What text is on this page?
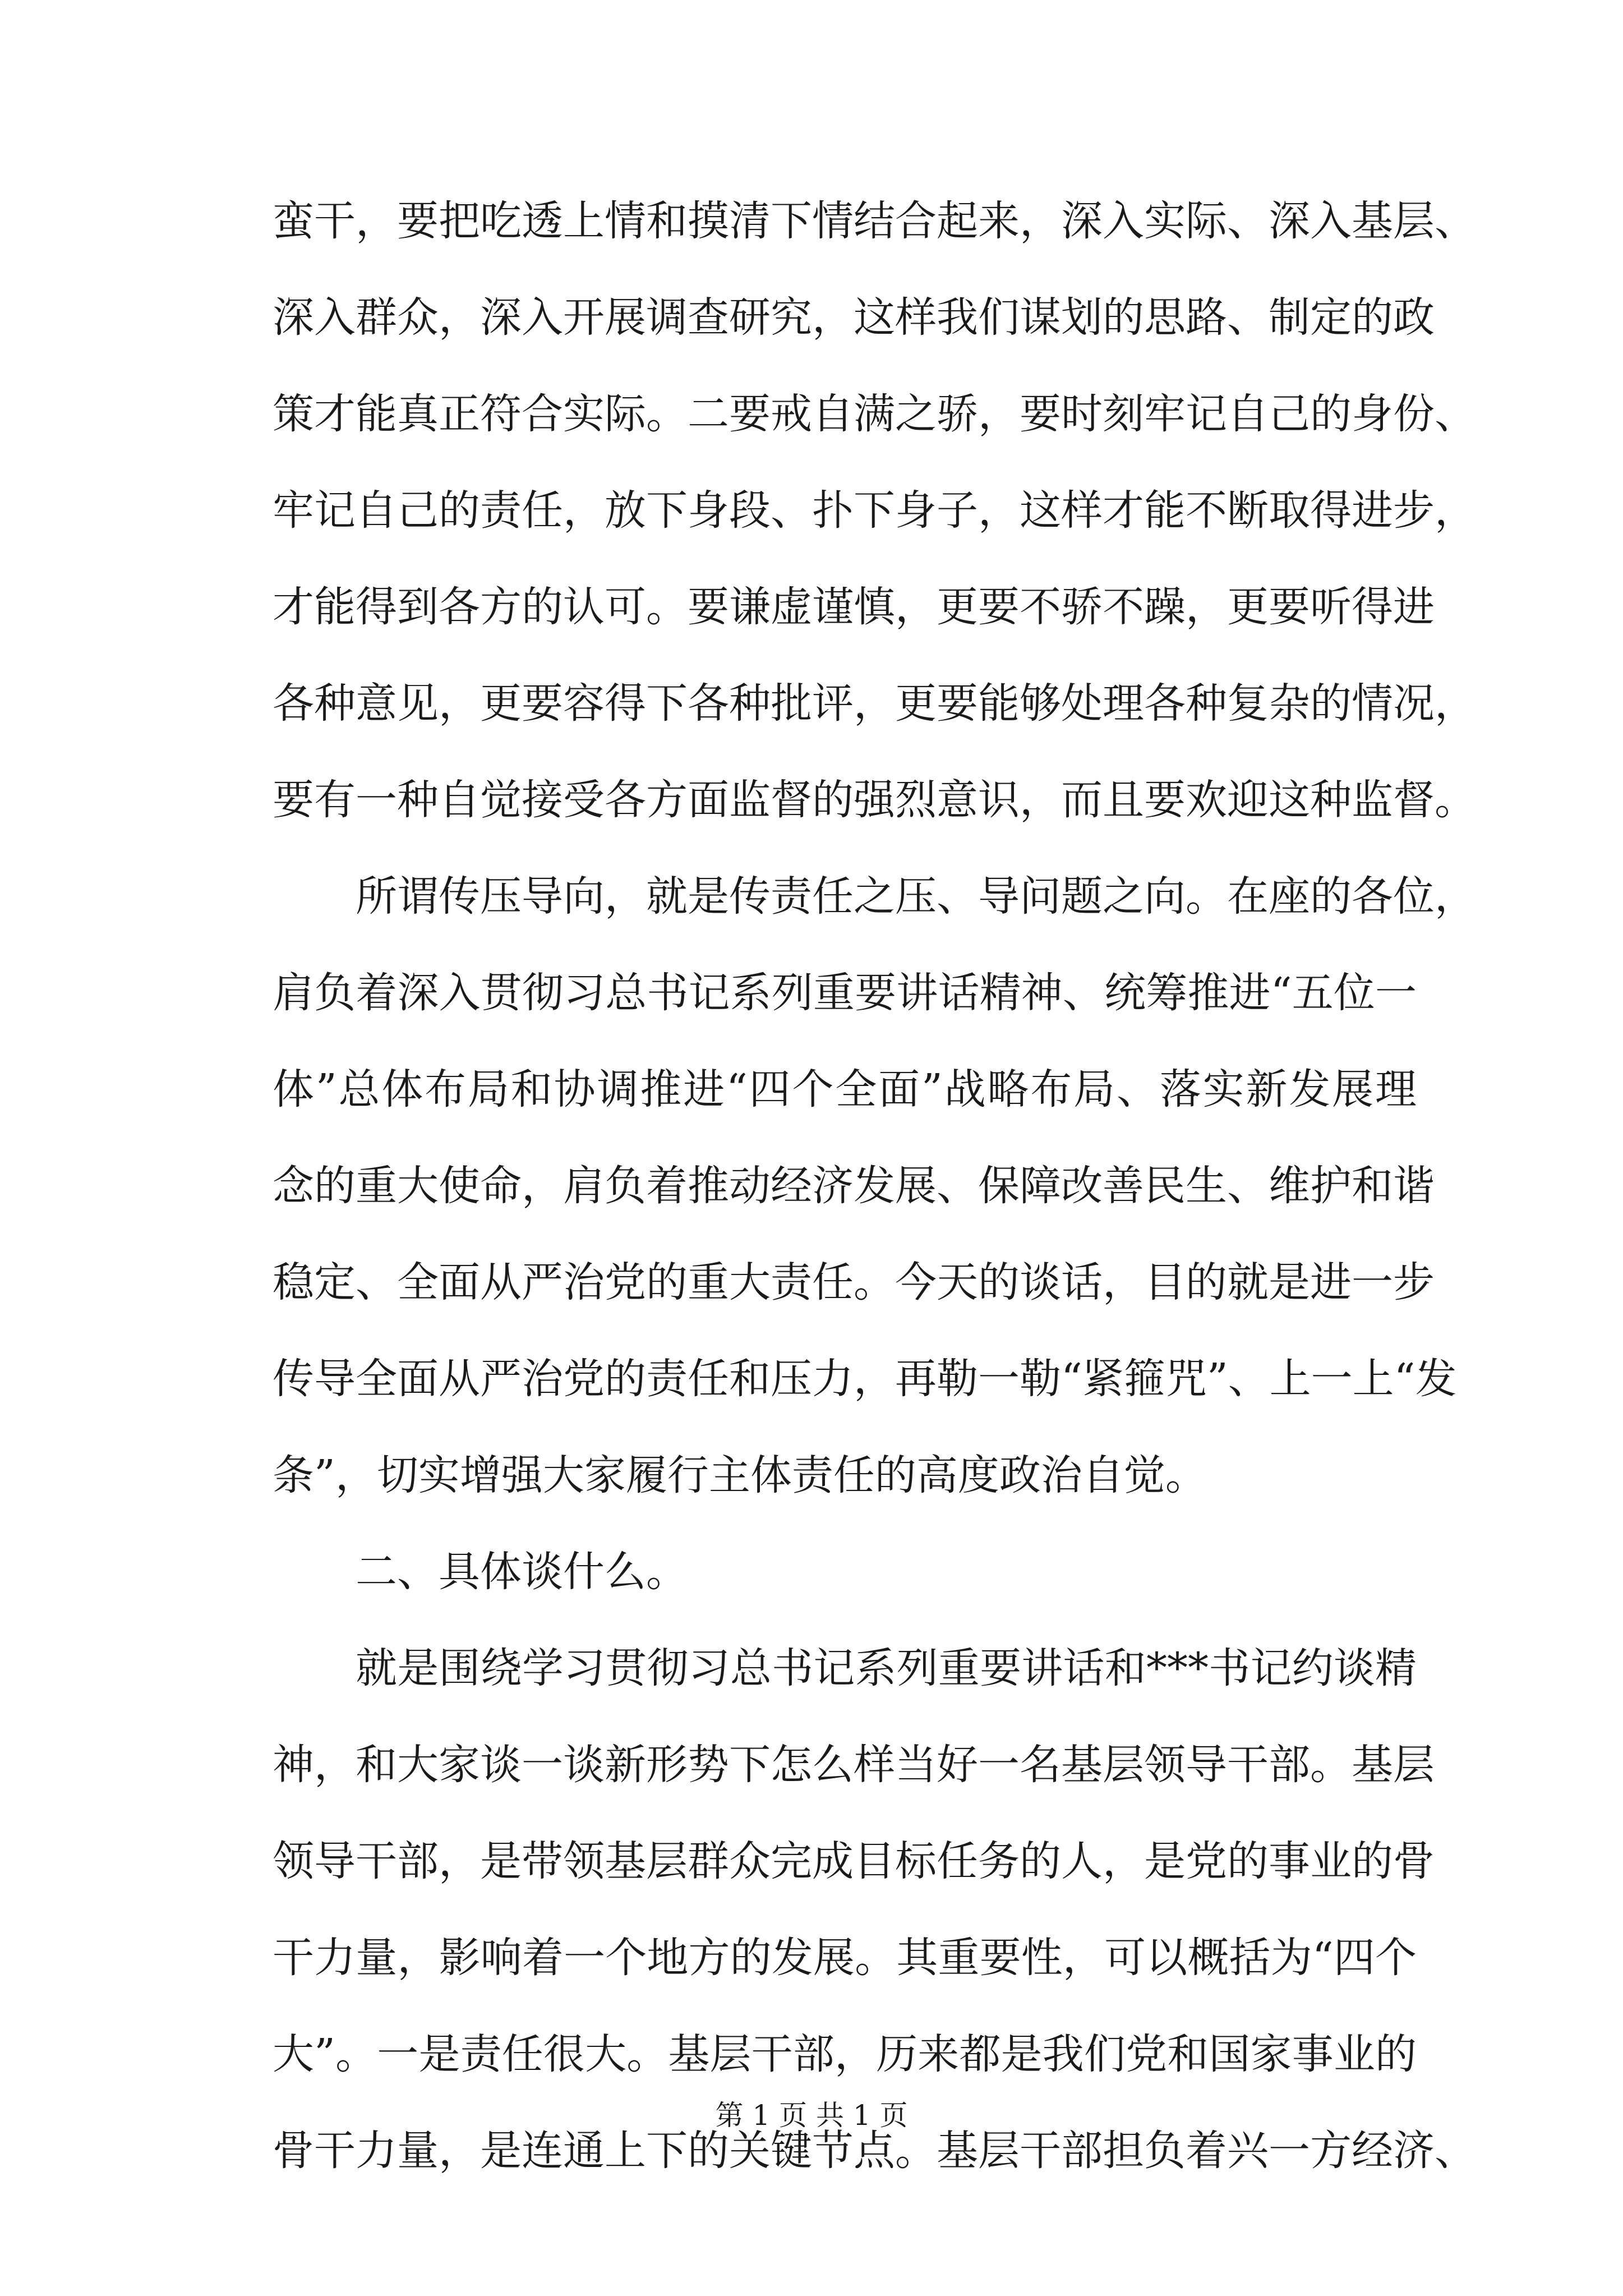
蛮干，要把吃透上情和摸清下情结合起来，深入实际、深入基层、
深入群众，深入开展调查研究，这样我们谋划的思路、制定的政
策才能真正符合实际。二要戒自满之骄，要时刻牢记自己的身份、
牢记自己的责任，放下身段、扑下身子，这样才能不断取得进步，
才能得到各方的认可。要谦虚谨慎，更要不骄不躁，更要听得进
各种意见，更要容得下各种批评，更要能够处理各种复杂的情况，
要有一种自觉接受各方面监督的强烈意识，而且要欢迎这种监督。
所谓传压导向，就是传责任之压、导问题之向。在座的各位，
肩负着深入贯彻习总书记系列重要讲话精神、统筹推进“五位一
体”总体布局和协调推进“四个全面”战略布局、落实新发展理
念的重大使命，肩负着推动经济发展、保障改善民生、维护和谐
稳定、全面从严治党的重大责任。今天的谈话，目的就是进一步
传导全面从严治党的责任和压力，再勒一勒“紧箍咒”、上一上“发
条”，切实增强大家履行主体责任的高度政治自觉。
二、具体谈什么。
就是围绕学习贯彻习总书记系列重要讲话和***书记约谈精
神，和大家谈一谈新形势下怎么样当好一名基层领导干部。基层
领导干部，是带领基层群众完成目标任务的人，是党的事业的骨
干力量，影响着一个地方的发展。其重要性，可以概括为“四个
大”。一是责任很大。基层干部，历来都是我们党和国家事业的
骨干力量，是连通上下的关键节点。基层干部担负着兴一方经济、
第 1 页 共 1 页
